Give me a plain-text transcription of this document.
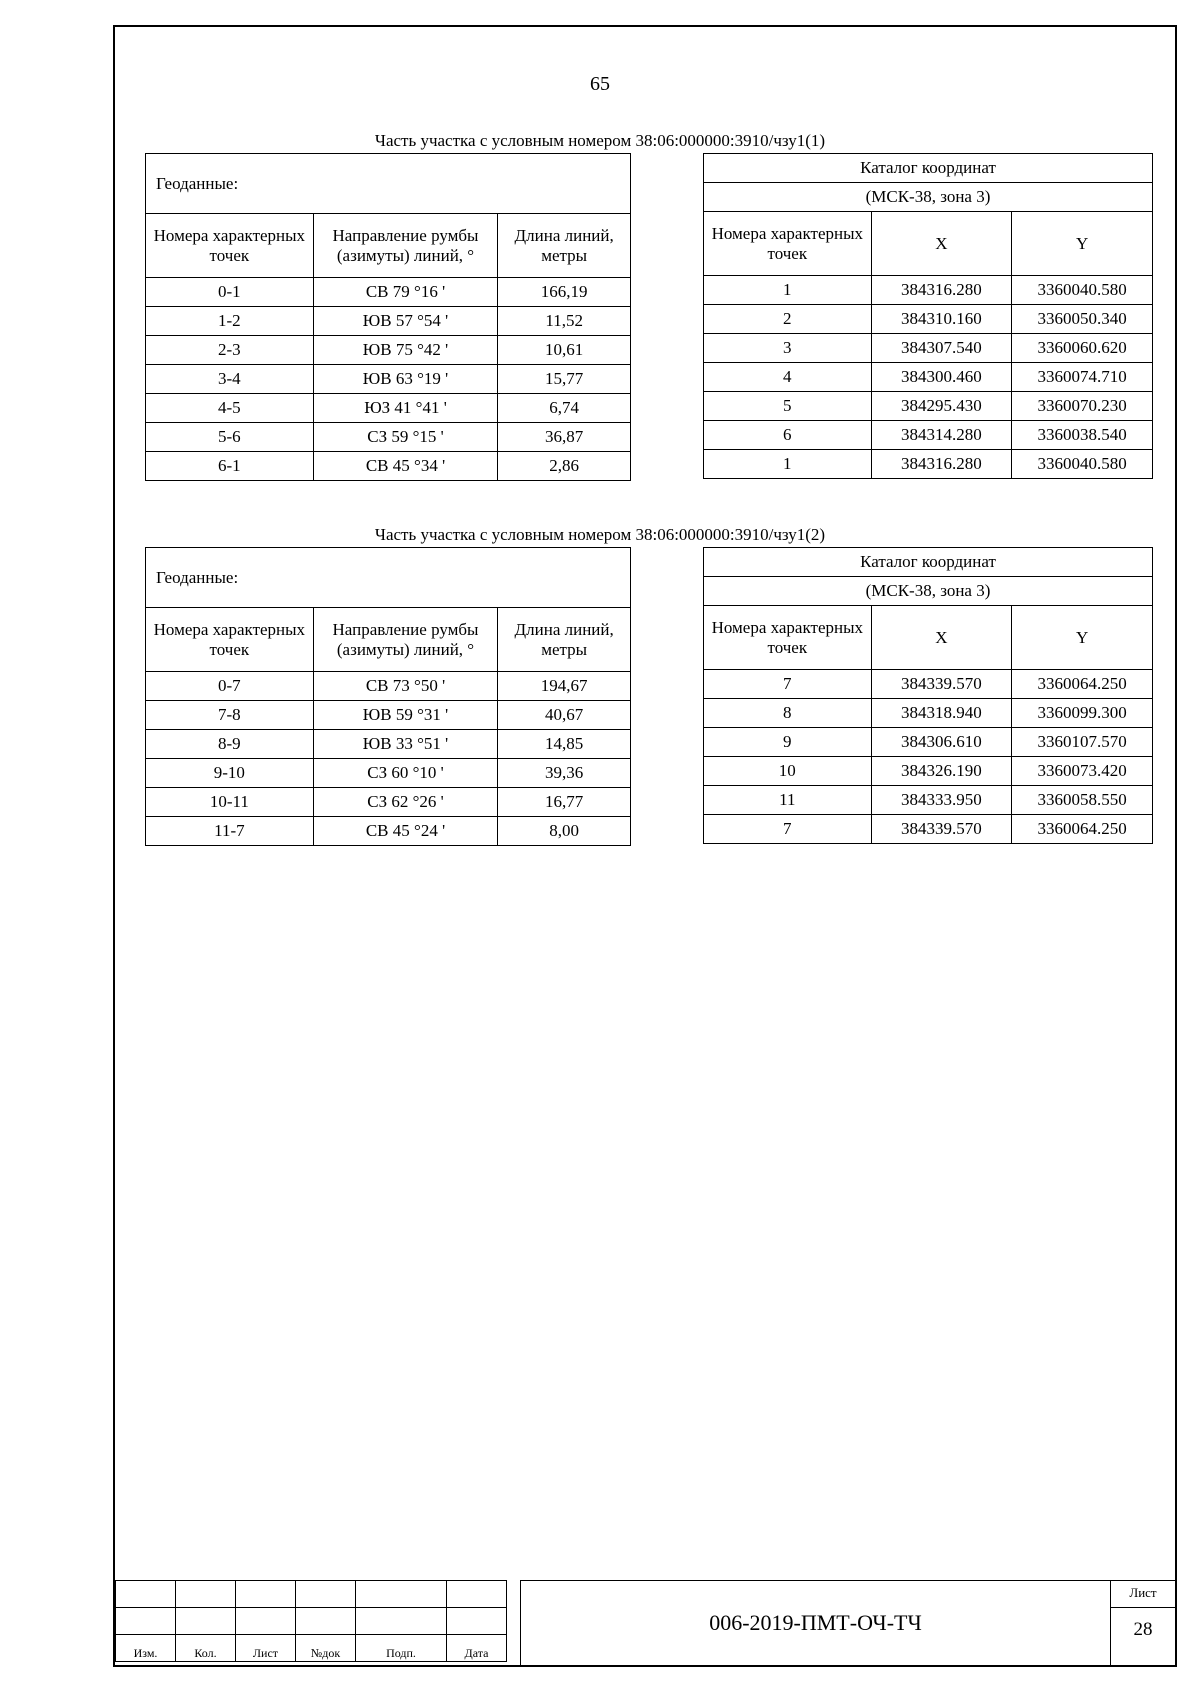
65
Часть участка с условным номером 38:06:000000:3910/чзу1(1)
Геоданные:		
Номера характерных точек	Направление румбы (азимуты) линий, °	Длина линий, метры
0-1	СВ 79 °16 '	166,19
1-2	ЮВ 57 °54 '	11,52
2-3	ЮВ 75 °42 '	10,61
3-4	ЮВ 63 °19 '	15,77
4-5	ЮЗ 41 °41 '	6,74
5-6	СЗ 59 °15 '	36,87
6-1	СВ 45 °34 '	2,86
Каталог координат		
(МСК-38, зона 3)		
Номера характерных точек	X	Y
1	384316.280	3360040.580
2	384310.160	3360050.340
3	384307.540	3360060.620
4	384300.460	3360074.710
5	384295.430	3360070.230
6	384314.280	3360038.540
1	384316.280	3360040.580
Часть участка с условным номером 38:06:000000:3910/чзу1(2)
Геоданные:		
Номера характерных точек	Направление румбы (азимуты) линий, °	Длина линий, метры
0-7	СВ 73 °50 '	194,67
7-8	ЮВ 59 °31 '	40,67
8-9	ЮВ 33 °51 '	14,85
9-10	СЗ 60 °10 '	39,36
10-11	СЗ 62 °26 '	16,77
11-7	СВ 45 °24 '	8,00
Каталог координат		
(МСК-38, зона 3)		
Номера характерных точек	X	Y
7	384339.570	3360064.250
8	384318.940	3360099.300
9	384306.610	3360107.570
10	384326.190	3360073.420
11	384333.950	3360058.550
7	384339.570	3360064.250

Изм.	Кол.	Лист	№док	Подп.	Дата
006-2019-ПМТ-ОЧ-ТЧ
Лист
28
